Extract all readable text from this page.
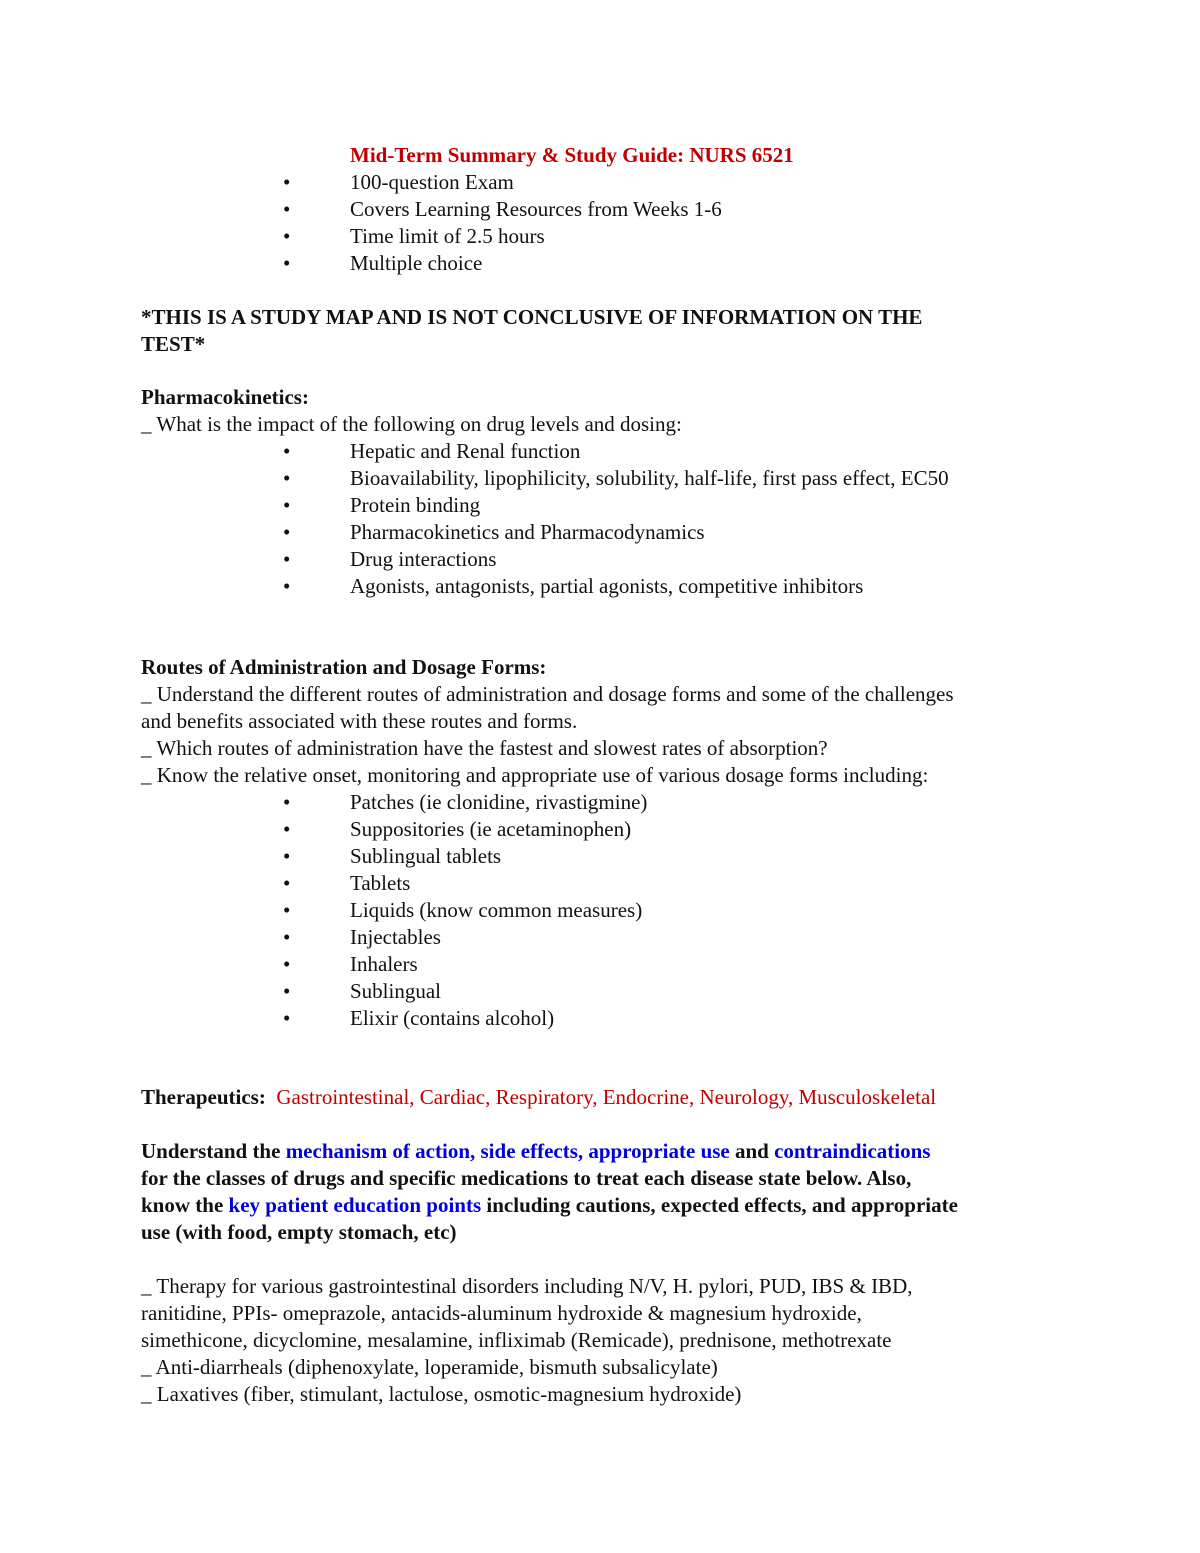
Mid-Term Summary & Study Guide: NURS 6521
•	100-question Exam
•	Covers Learning Resources from Weeks 1-6
•	Time limit of 2.5 hours
•	Multiple choice
*THIS IS A STUDY MAP AND IS NOT CONCLUSIVE OF INFORMATION ON THE
TEST*
Pharmacokinetics:
_ What is the impact of the following on drug levels and dosing:
•	Hepatic and Renal function
•	Bioavailability, lipophilicity, solubility, half-life, first pass effect, EC50
•	Protein binding
•	Pharmacokinetics and Pharmacodynamics
•	Drug interactions
•	Agonists, antagonists, partial agonists, competitive inhibitors
Routes of Administration and Dosage Forms:
_ Understand the different routes of administration and dosage forms and some of the challenges
and benefits associated with these routes and forms.
_ Which routes of administration have the fastest and slowest rates of absorption?
_ Know the relative onset, monitoring and appropriate use of various dosage forms including:
•	Patches (ie clonidine, rivastigmine)
•	Suppositories (ie acetaminophen)
•	Sublingual tablets
•	Tablets
•	Liquids (know common measures)
•	Injectables
•	Inhalers
•	Sublingual
•	Elixir (contains alcohol)
Therapeutics: Gastrointestinal, Cardiac, Respiratory, Endocrine, Neurology, Musculoskeletal
Understand the mechanism of action, side effects, appropriate use and contraindications
for the classes of drugs and specific medications to treat each disease state below. Also,
know the key patient education points including cautions, expected effects, and appropriate
use (with food, empty stomach, etc)
_ Therapy for various gastrointestinal disorders including N/V, H. pylori, PUD, IBS & IBD,
ranitidine, PPIs- omeprazole, antacids-aluminum hydroxide & magnesium hydroxide,
simethicone, dicyclomine, mesalamine, infliximab (Remicade), prednisone, methotrexate
_ Anti-diarrheals (diphenoxylate, loperamide, bismuth subsalicylate)
_ Laxatives (fiber, stimulant, lactulose, osmotic-magnesium hydroxide)
